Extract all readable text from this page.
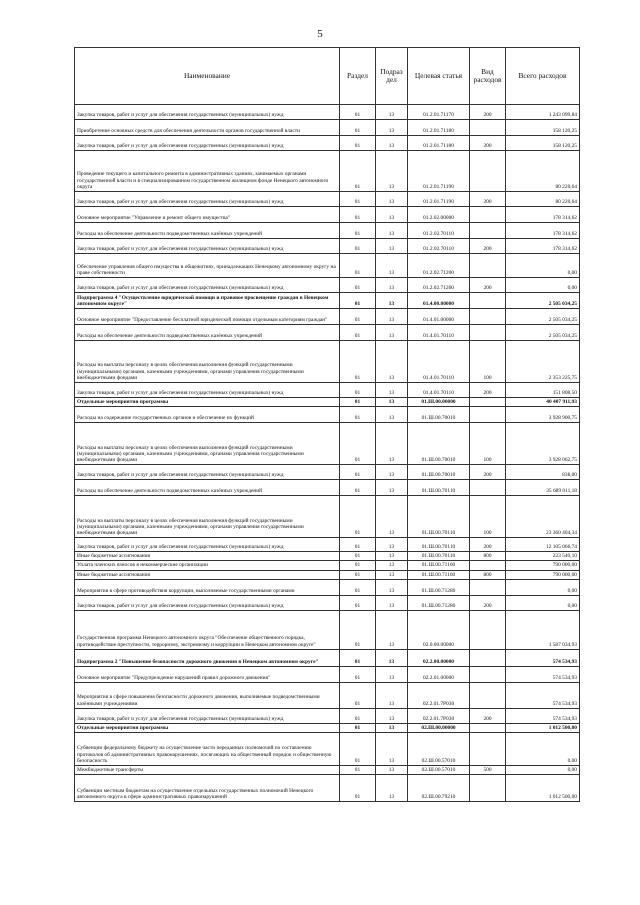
5
Наименование	Раздел	Подраз дел	Целевая статья	Вид расходов	Всего расходов
Закупка товаров, работ и услуг для обеспечения государственных (муниципальных) нужд	01	13	01.2.01.71170	200	1 243 099,84
Приобретение основных средств для обеспечения деятельности органов государственной власти	01	13	01.2.01.71180		158 120,25
Закупка товаров, работ и услуг для обеспечения государственных (муниципальных) нужд	01	13	01.2.01.71180	200	158 120,25
Проведение текущего и капитального ремонта в административных зданиях, занимаемых органами государственной власти и в специализированном государственном жилищном фонде Ненецкого автономного округа	01	13	01.2.01.71190		80 220,64
Закупка товаров, работ и услуг для обеспечения государственных (муниципальных) нужд	01	13	01.2.01.71190	200	80 220,64
Основное мероприятие "Управление и ремонт общего имущества"	01	13	01.2.02.00000		178 314,62
Расходы на обеспечение деятельности подведомственных казённых учреждений	01	13	01.2.02.70110		178 314,62
Закупка товаров, работ и услуг для обеспечения государственных (муниципальных) нужд	01	13	01.2.02.70110	200	178 314,62
Обеспечение управления общего имущества в общежитиях, принадлежащих Ненецкому автономному округу на праве собственности	01	13	01.2.02.71200		0,00
Закупка товаров, работ и услуг для обеспечения государственных (муниципальных) нужд	01	13	01.2.02.71200	200	0,00
Подпрограмма 4 "Осуществление юридической помощи и правовое просвещение граждан в Ненецком автономном округе"	01	13	01.4.00.00000		2 505 034,25
Основное мероприятие "Предоставление бесплатной юридической помощи отдельным категориям граждан"	01	13	01.4.01.00000		2 505 034,25
Расходы на обеспечение деятельности подведомственных казённых учреждений	01	13	01.4.01.70110		2 505 034,25
Расходы на выплаты персоналу в целях обеспечения выполнения функций государственными (муниципальными) органами, казенными учреждениями, органами управления государственными внебюджетными фондами	01	13	01.4.01.70110	100	2 353 225,75
Закупка товаров, работ и услуг для обеспечения государственных (муниципальных) нужд	01	13	01.4.01.70110	200	151 808,50
Отдельные мероприятия программы	01	13	01.Ш.00.00000		40 407 911,93
Расходы на содержание государственных органов и обеспечение их функций	01	13	01.Ш.00.70010		3 928 900,75
Расходы на выплаты персоналу в целях обеспечения выполнения функций государственными (муниципальными) органами, казенными учреждениями, органами управления государственными внебюджетными фондами	01	13	01.Ш.00.70010	100	3 928 062,75
Закупка товаров, работ и услуг для обеспечения государственных (муниципальных) нужд	01	13	01.Ш.00.70010	200	838,00
Расходы на обеспечение деятельности подведомственных казённых учреждений	01	13	01.Ш.00.70110		35 689 011,18
Расходы на выплаты персоналу в целях обеспечения выполнения функций государственными (муниципальными) органами, казенными учреждениями, органами управления государственными внебюджетными фондами	01	13	01.Ш.00.70110	100	23 360 404,34
Закупка товаров, работ и услуг для обеспечения государственных (муниципальных) нужд	01	13	01.Ш.00.70110	200	12 105 066,74
Иные бюджетные ассигнования	01	13	01.Ш.00.70110	800	223 540,10
Уплата членских взносов в некоммерческие организации	01	13	01.Ш.00.71160		790 000,00
Иные бюджетные ассигнования	01	13	01.Ш.00.71160	800	790 000,00
Мероприятия в сфере противодействия коррупции, выполняемые государственными органами	01	13	01.Ш.00.71280		0,00
Закупка товаров, работ и услуг для обеспечения государственных (муниципальных) нужд	01	13	01.Ш.00.71280	200	0,00
Государственная программа Ненецкого автономного округа "Обеспечение общественного порядка, противодействие преступности, терроризму, экстремизму и коррупции в Ненецком автономном округе"	01	13	02.0.00.00000		1 587 034,93
Подпрограмма 2 "Повышение безопасности дорожного движения в Ненецком автономном округе"	01	13	02.2.00.00000		574 534,93
Основное мероприятие "Предупреждение нарушений правил дорожного движения"	01	13	02.2.01.00000		574 534,93
Мероприятия в сфере повышения безопасности дорожного движения, выполняемые подведомственными казёнными учреждениями	01	13	02.2.01.7Р030		574 534,93
Закупка товаров, работ и услуг для обеспечения государственных (муниципальных) нужд	01	13	02.2.01.7Р030	200	574 534,93
Отдельные мероприятия программы	01	13	02.Ш.00.00000		1 012 500,00
Субвенции федеральному бюджету на осуществление части переданных полномочий по составлению протоколов об административных правонарушениях, посягающих на общественный порядок и общественную безопасность	01	13	02.Ш.00.57010		0,00
Межбюджетные трансферты	01	13	02.Ш.00.57010	500	0,00
Субвенции местным бюджетам на осуществление отдельных государственных полномочий Ненецкого автономного округа в сфере административных правонарушений	01	13	02.Ш.00.79210		1 012 500,00
